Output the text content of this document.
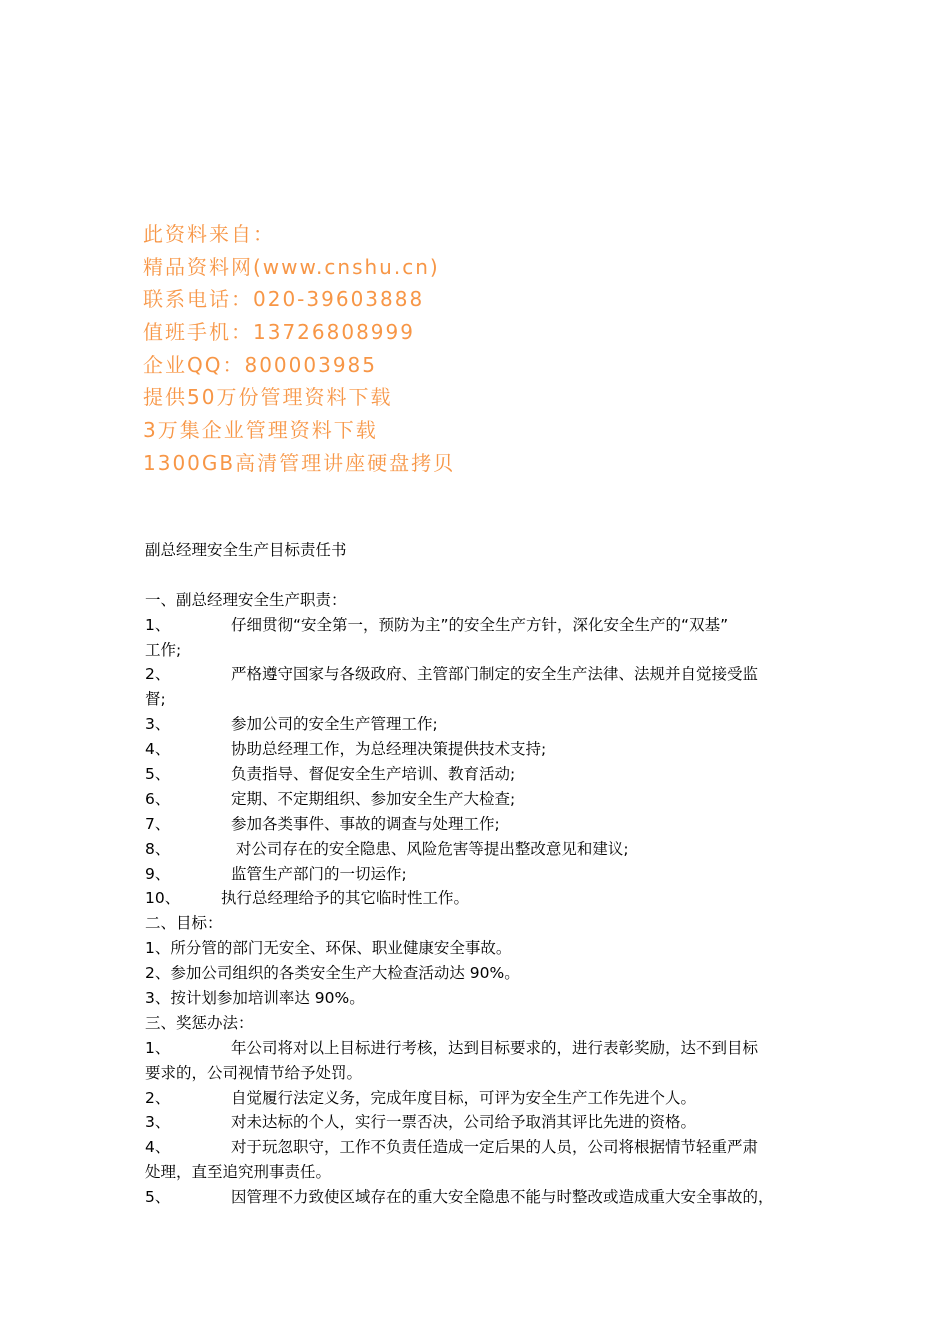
此资料来自：
精品资料网(www.cnshu.cn)
联系电话：020-39603888
值班手机：13726808999
企业QQ：800003985
提供50万份管理资料下载
3万集企业管理资料下载
1300GB高清管理讲座硬盘拷贝
副总经理安全生产目标责任书
一、副总经理安全生产职责：
1、	仔细贯彻“安全第一，预防为主”的安全生产方针，深化安全生产的“双基”
工作;
2、	严格遵守国家与各级政府、主管部门制定的安全生产法律、法规并自觉接受监
督;
3、	参加公司的安全生产管理工作;
4、	协助总经理工作，为总经理决策提供技术支持;
5、	负责指导、督促安全生产培训、教育活动;
6、	定期、不定期组织、参加安全生产大检查;
7、	参加各类事件、事故的调查与处理工作;
8、	对公司存在的安全隐患、风险危害等提出整改意见和建议;
9、	监管生产部门的一切运作;
10、	执行总经理给予的其它临时性工作。
二、目标：
1、所分管的部门无安全、环保、职业健康安全事故。
2、参加公司组织的各类安全生产大检查活动达 90%。
3、按计划参加培训率达 90%。
三、奖惩办法：
1、	年公司将对以上目标进行考核，达到目标要求的，进行表彰奖励，达不到目标
要求的，公司视情节给予处罚。
2、	自觉履行法定义务，完成年度目标，可评为安全生产工作先进个人。
3、	对未达标的个人，实行一票否决，公司给予取消其评比先进的资格。
4、	对于玩忽职守，工作不负责任造成一定后果的人员，公司将根据情节轻重严肃
处理，直至追究刑事责任。
5、	因管理不力致使区域存在的重大安全隐患不能与时整改或造成重大安全事故的，
